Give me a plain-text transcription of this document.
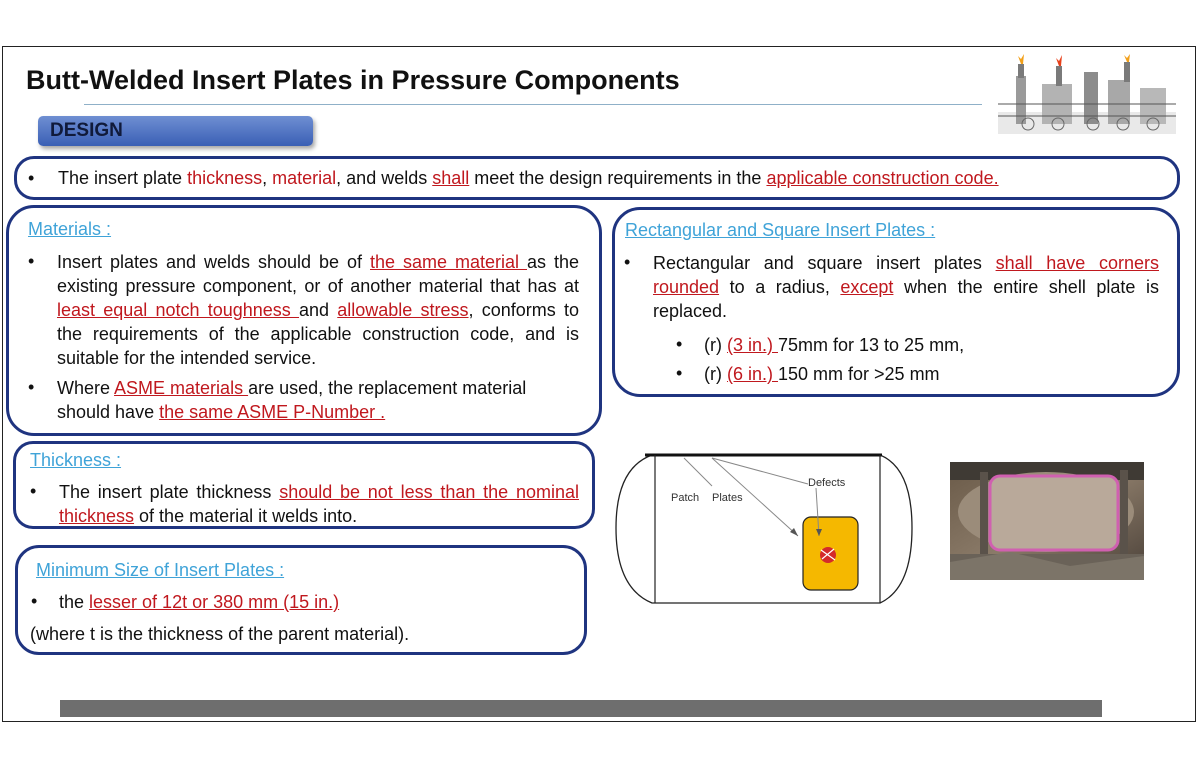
Butt-Welded Insert Plates in Pressure Components
DESIGN
• The insert plate thickness, material, and welds shall meet the design requirements in the applicable construction code.
Materials :
• Insert plates and welds should be of the same material as the existing pressure component, or of another material that has at least equal notch toughness and allowable stress, conforms to the requirements of the applicable construction code, and is suitable for the intended service.
• Where ASME materials are used, the replacement material should have the same ASME P-Number .
Rectangular and Square Insert Plates :
• Rectangular and square insert plates shall have corners rounded to a radius, except when the entire shell plate is replaced.
• (r) (3 in.) 75mm for 13 to 25 mm,
• (r) (6 in.) 150 mm for >25 mm
Thickness :
• The insert plate thickness should be not less than the nominal thickness of the material it welds into.
Minimum Size of Insert Plates :
• the lesser of 12t or 380 mm (15 in.)
(where t is the thickness of the parent material).
Patch Plates
Defects
